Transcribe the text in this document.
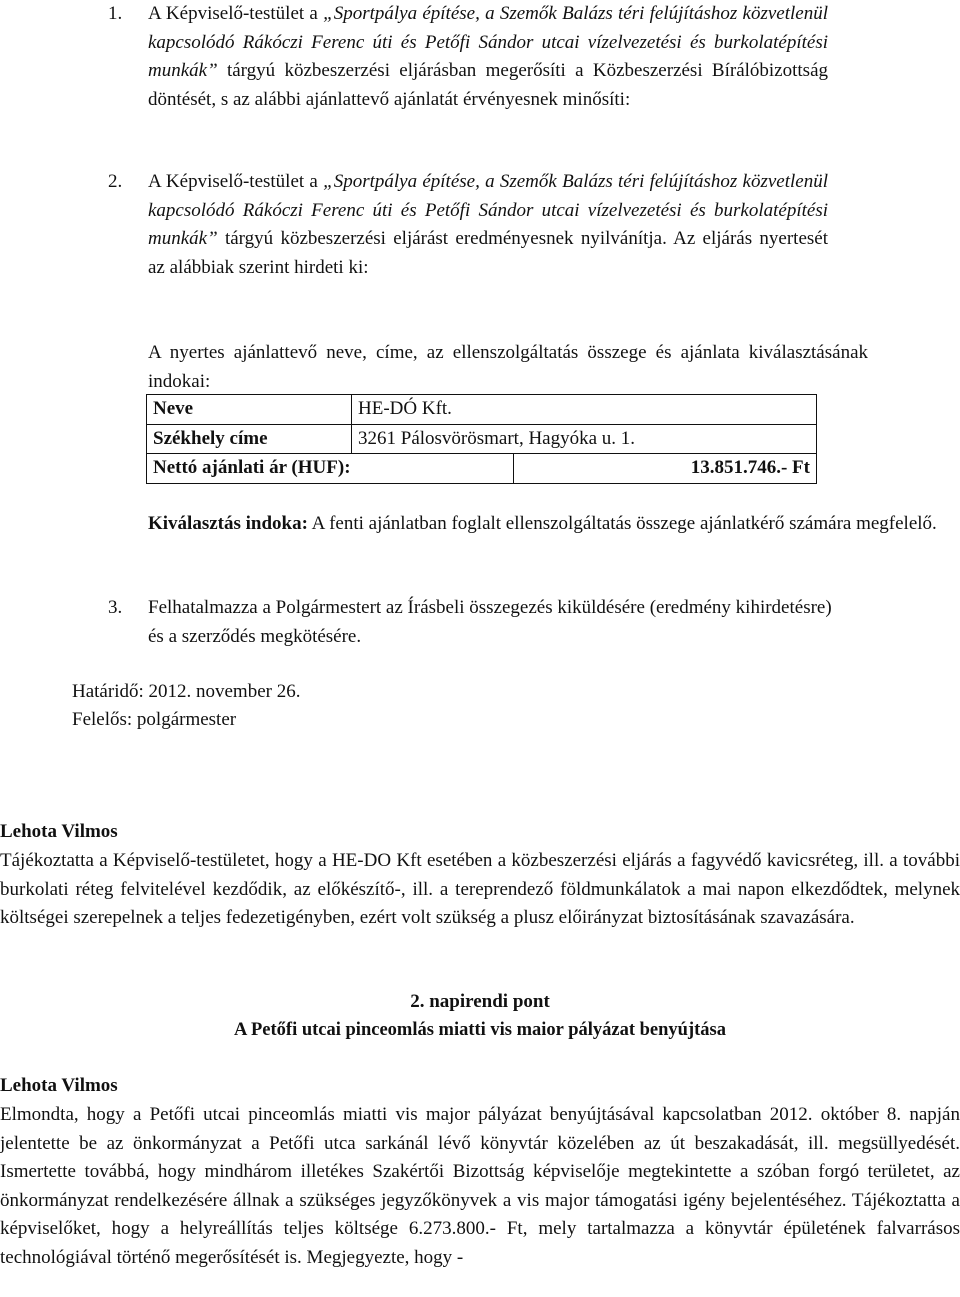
1. A Képviselő-testület a „Sportpálya építése, a Szemők Balázs téri felújításhoz közvetlenül kapcsolódó Rákóczi Ferenc úti és Petőfi Sándor utcai vízelvezetési és burkolatépítési munkák” tárgyú közbeszerzési eljárásban megerősíti a Közbeszerzési Bírálóbizottság döntését, s az alábbi ajánlattevő ajánlatát érvényesnek minősíti:
2. A Képviselő-testület a „Sportpálya építése, a Szemők Balázs téri felújításhoz közvetlenül kapcsolódó Rákóczi Ferenc úti és Petőfi Sándor utcai vízelvezetési és burkolatépítési munkák” tárgyú közbeszerzési eljárást eredményesnek nyilvánítja. Az eljárás nyertesét az alábbiak szerint hirdeti ki:
A nyertes ajánlattevő neve, címe, az ellenszolgáltatás összege és ajánlata kiválasztásának indokai:
Neve	HE-DÓ Kft.	
Székhely címe	3261 Pálosvörösmart, Hagyóka u. 1.	
Nettó ajánlati ár (HUF):		13.851.746.- Ft
Kiválasztás indoka: A fenti ajánlatban foglalt ellenszolgáltatás összege ajánlatkérő számára megfelelő.
3. Felhatalmazza a Polgármestert az Írásbeli összegezés kiküldésére (eredmény kihirdetésre) és a szerződés megkötésére.
Határidő: 2012. november 26.
Felelős: polgármester
Lehota Vilmos
Tájékoztatta a Képviselő-testületet, hogy a HE-DO Kft esetében a közbeszerzési eljárás a fagyvédő kavicsréteg, ill. a további burkolati réteg felvitelével kezdődik, az előkészítő-, ill. a tereprendező földmunkálatok a mai napon elkezdődtek, melynek költségei szerepelnek a teljes fedezetigényben, ezért volt szükség a plusz előirányzat biztosításának szavazására.
2. napirendi pont
A Petőfi utcai pinceomlás miatti vis maior pályázat benyújtása
Lehota Vilmos
Elmondta, hogy a Petőfi utcai pinceomlás miatti vis major pályázat benyújtásával kapcsolatban 2012. október 8. napján jelentette be az önkormányzat a Petőfi utca sarkánál lévő könyvtár közelében az út beszakadását, ill. megsüllyedését. Ismertette továbbá, hogy mindhárom illetékes Szakértői Bizottság képviselője megtekintette a szóban forgó területet, az önkormányzat rendelkezésére állnak a szükséges jegyzőkönyvek a vis major támogatási igény bejelentéséhez. Tájékoztatta a képviselőket, hogy a helyreállítás teljes költsége 6.273.800.- Ft, mely tartalmazza a könyvtár épületének falvarrásos technológiával történő megerősítését is. Megjegyezte, hogy -
